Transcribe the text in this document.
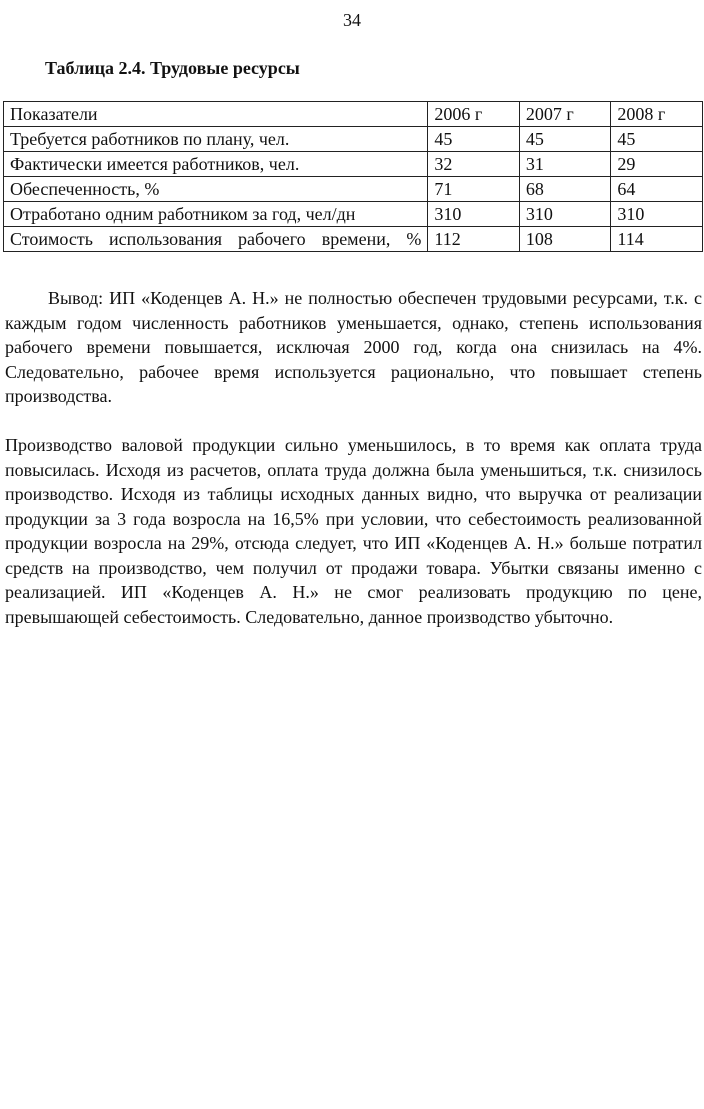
34
Таблица 2.4. Трудовые ресурсы
Показатели	2006 г	2007 г	2008 г
Требуется работников по плану, чел.	45	45	45
Фактически имеется работников, чел.	32	31	29
Обеспеченность, %	71	68	64
Отработано одним работником за год, чел/дн	310	310	310
Стоимость использования рабочего времени, %	112	108	114

Вывод: ИП «Коденцев А. Н.» не полностью обеспечен трудовыми ресурсами, т.к. с каждым годом численность работников уменьшается, однако, степень использования рабочего времени повышается, исключая 2000 год, когда она снизилась на 4%. Следовательно, рабочее время используется рационально, что повышает степень производства.

Производство валовой продукции сильно уменьшилось, в то время как оплата труда повысилась. Исходя из расчетов, оплата труда должна была уменьшиться, т.к. снизилось производство. Исходя из таблицы исходных данных видно, что выручка от реализации продукции за 3 года возросла на 16,5% при условии, что себестоимость реализованной продукции возросла на 29%, отсюда следует, что ИП «Коденцев А. Н.» больше потратил средств на производство, чем получил от продажи товара. Убытки связаны именно с реализацией. ИП «Коденцев А. Н.» не смог реализовать продукцию по цене, превышающей себестоимость. Следовательно, данное производство убыточно.
